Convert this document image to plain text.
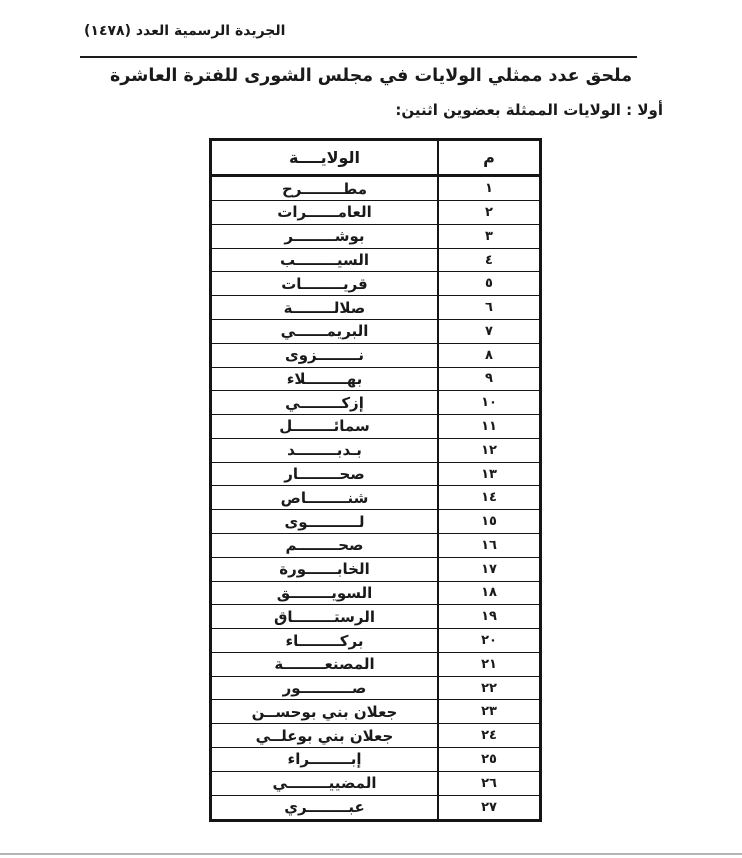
الجريدة الرسمية العدد (١٤٧٨)
ملحق عدد ممثلي الولايات في مجلس الشورى للفترة العاشرة
أولا : الولايات الممثلة بعضوين اثنين:
م	الولايــــة
١	مطــــــــرح
٢	العامــــــرات
٣	بوشــــــــر
٤	السيــــــــب
٥	قريــــــــات
٦	صلالــــــــة
٧	البريمــــــي
٨	نــــــــزوى
٩	بهــــــــلاء
١٠	إزكــــــــي
١١	سمائــــــــل
١٢	بـدبــــــــد
١٣	صحــــــــار
١٤	شنــــــــاص
١٥	لــــــــــوى
١٦	صحــــــــم
١٧	الخابــــــورة
١٨	السويــــــــق
١٩	الرستــــــــاق
٢٠	بركــــــــاء
٢١	المصنعــــــــة
٢٢	صــــــــــور
٢٣	جعلان بني بوحســن
٢٤	جعلان بني بوعلــي
٢٥	إبــــــــراء
٢٦	المضييــــــــي
٢٧	عبــــــــري
